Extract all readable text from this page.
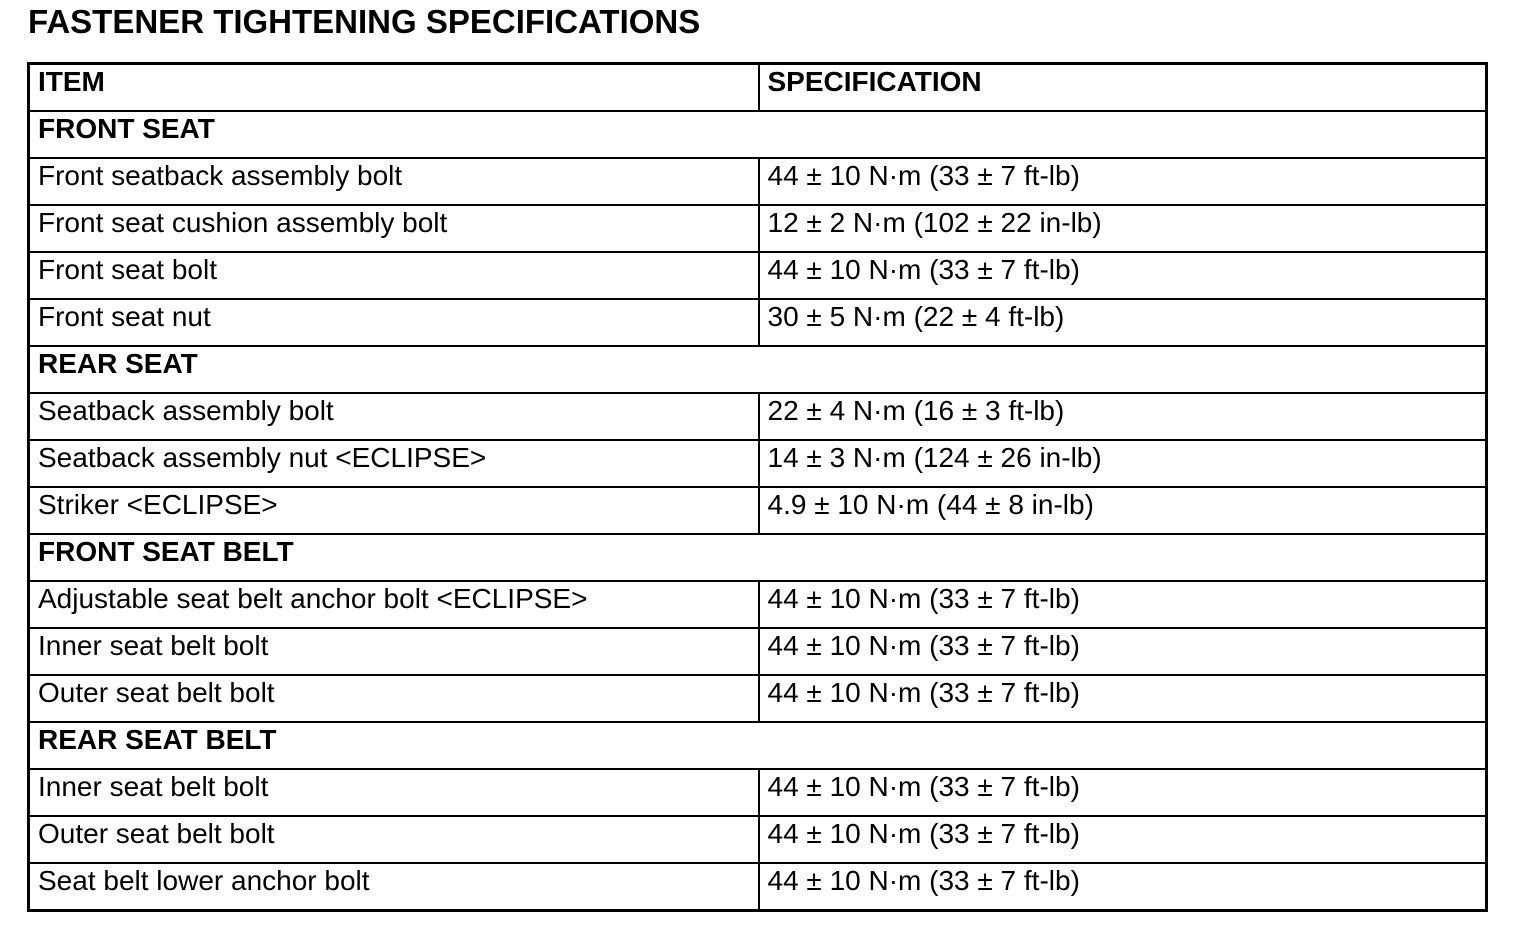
FASTENER TIGHTENING SPECIFICATIONS
ITEM	SPECIFICATION
FRONT SEAT	
Front seatback assembly bolt	44 ± 10 N·m (33 ± 7 ft-lb)
Front seat cushion assembly bolt	12 ± 2 N·m (102 ± 22 in-lb)
Front seat bolt	44 ± 10 N·m (33 ± 7 ft-lb)
Front seat nut	30 ± 5 N·m (22 ± 4 ft-lb)
REAR SEAT	
Seatback assembly bolt	22 ± 4 N·m (16 ± 3 ft-lb)
Seatback assembly nut <ECLIPSE>	14 ± 3 N·m (124 ± 26 in-lb)
Striker <ECLIPSE>	4.9 ± 10 N·m (44 ± 8 in-lb)
FRONT SEAT BELT	
Adjustable seat belt anchor bolt <ECLIPSE>	44 ± 10 N·m (33 ± 7 ft-lb)
Inner seat belt bolt	44 ± 10 N·m (33 ± 7 ft-lb)
Outer seat belt bolt	44 ± 10 N·m (33 ± 7 ft-lb)
REAR SEAT BELT	
Inner seat belt bolt	44 ± 10 N·m (33 ± 7 ft-lb)
Outer seat belt bolt	44 ± 10 N·m (33 ± 7 ft-lb)
Seat belt lower anchor bolt	44 ± 10 N·m (33 ± 7 ft-lb)
